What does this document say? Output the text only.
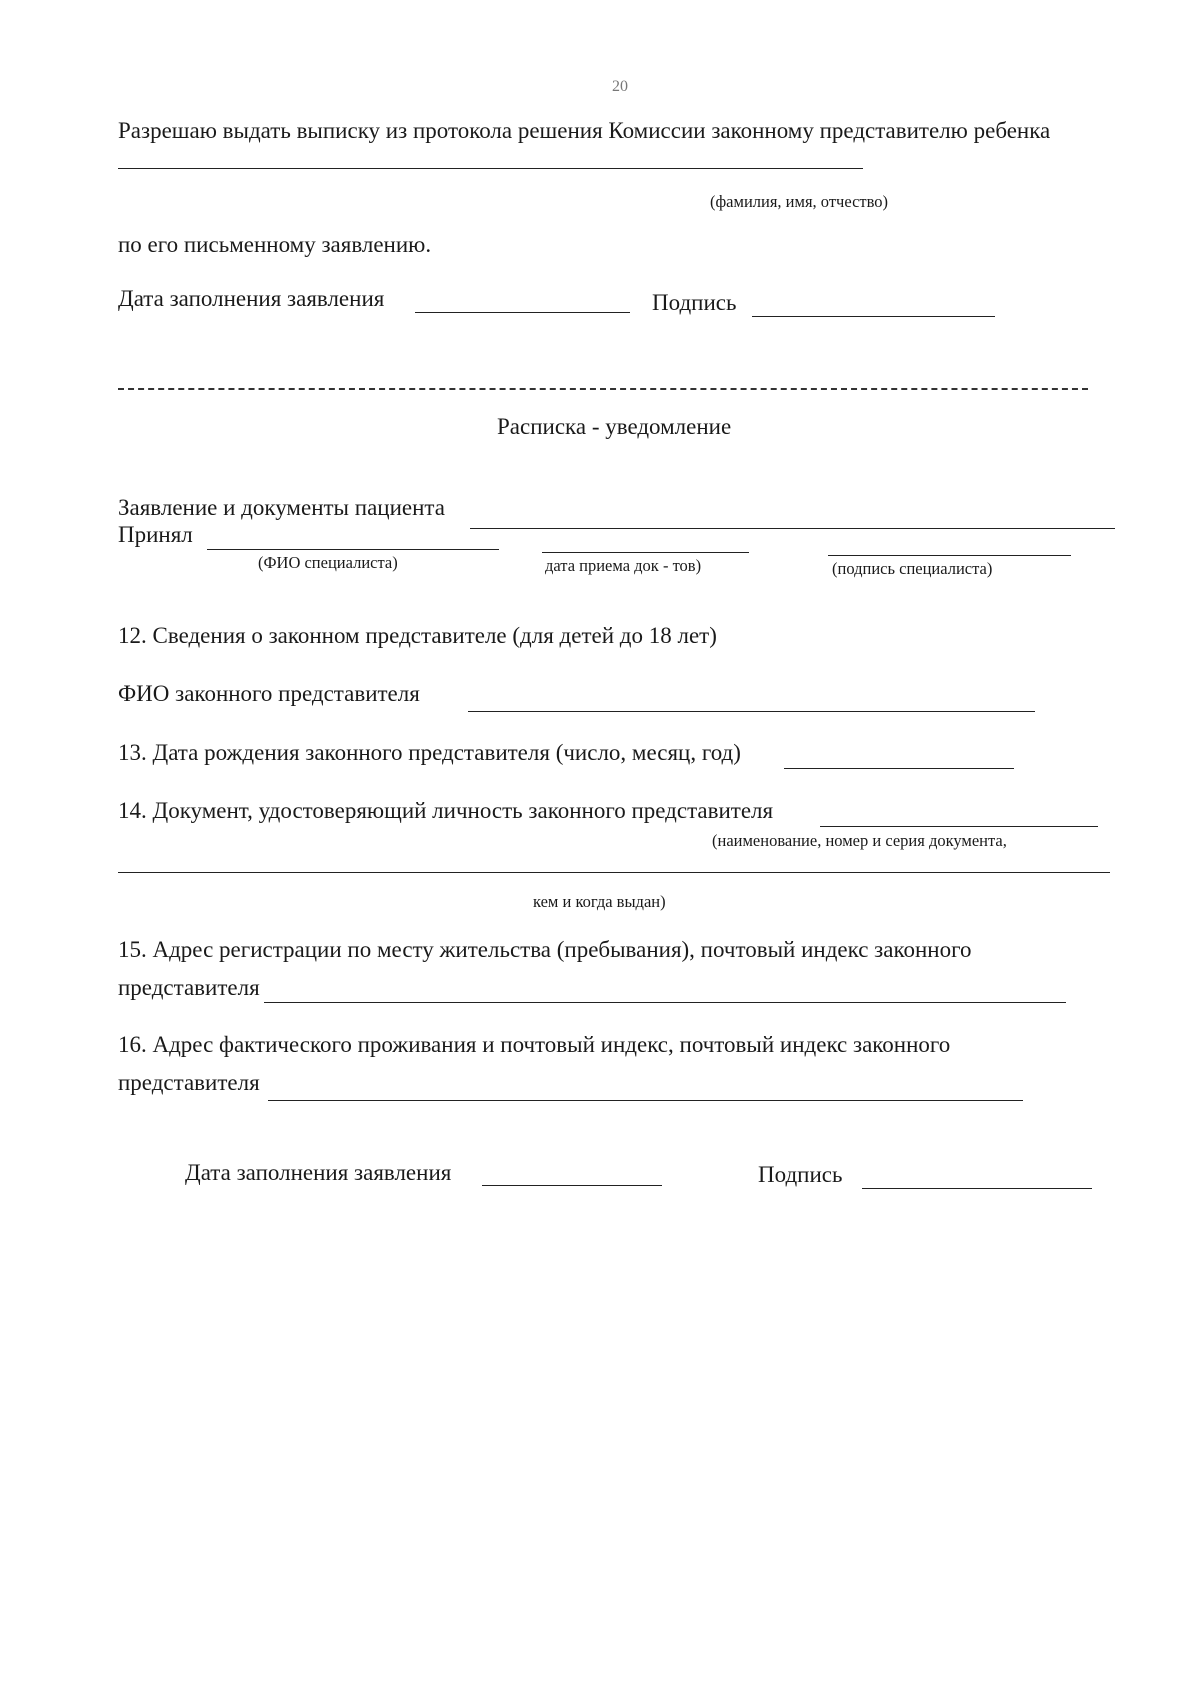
20
Разрешаю выдать выписку из протокола решения Комиссии законному представителю ребенка
(фамилия, имя, отчество)
по его письменному заявлению.
Дата заполнения заявления	Подпись
Расписка - уведомление
Заявление и документы пациента
Принял
(ФИО специалиста)	дата приема док - тов)	(подпись специалиста)
12. Сведения о законном представителе (для детей до 18 лет)
ФИО законного представителя
13. Дата рождения законного представителя (число, месяц, год)
14. Документ, удостоверяющий личность законного представителя
(наименование, номер и серия документа,
кем и когда выдан)
15. Адрес регистрации по месту жительства (пребывания), почтовый индекс законного
представителя
16. Адрес фактического проживания и почтовый индекс, почтовый индекс законного
представителя
Дата заполнения заявления	Подпись
